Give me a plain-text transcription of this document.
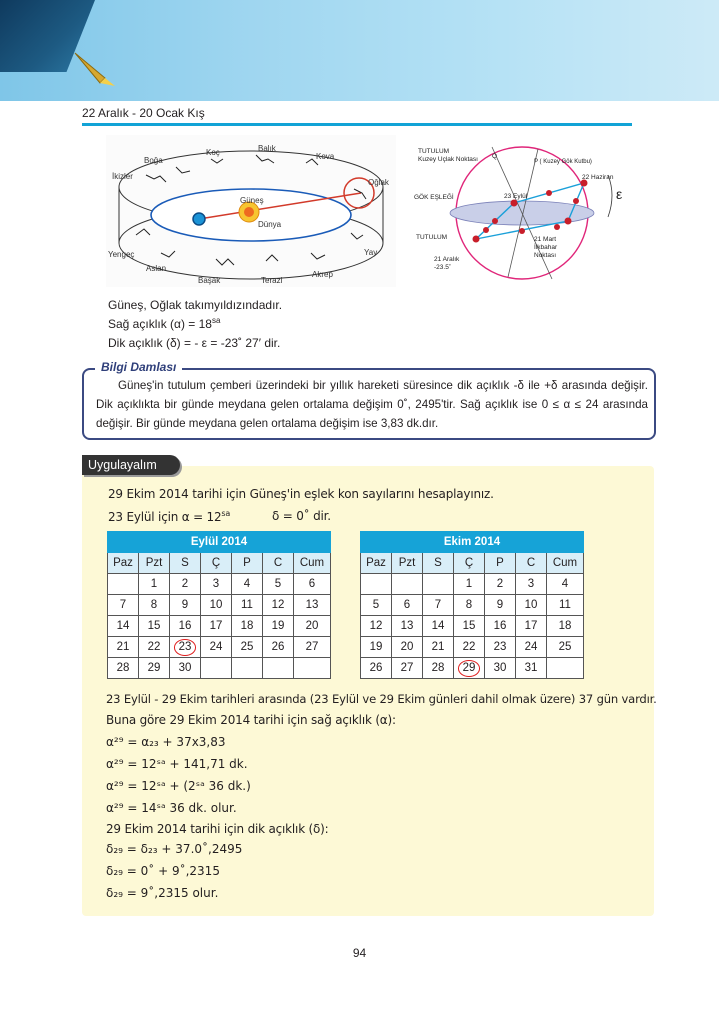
22 Aralık - 20 Ocak Kış
Koç	Balık Kova Boğa İkizler Oğlak Güneş Dünya Yengeç Aslan Başak	Terazi Akrep Yay
TUTULUM Kuzey Uçlak Noktası Q P ( Kuzey Gök Kutbu) 22 Haziran ε GÖK EŞLEĞİ	23 Eylül TUTULUM 21 Aralık -23.5˚ 21 Mart İlkbahar Noktası
Güneş, Oğlak takımyıldızındadır.
Sağ açıklık $(\alpha) = 18^{sa}$
Dik açıklık (δ) = - ε = -23˚ 27′ dir.
Bilgi Damlası
Güneş'in tutulum çemberi üzerindeki bir yıllık hareketi süresince dik açıklık -δ ile +δ arasında değişir. Dik açıklıkta bir günde meydana gelen ortalama değişim 0˚, 2495'tir. Sağ açıklık ise 0 ≤ α ≤ 24 arasında değişir. Bir günde meydana gelen ortalama değişim ise 3,83 dk.dır.
Uygulayalım
29 Ekim 2014 tarihi için Güneş'in eşlek kon sayılarını hesaplayınız.
23 Eylül için $\alpha = 12^{sa}$	δ = 0˚ dir.
Eylül 2014						
Paz	Pzt	S	Ç	P	C	Cum
	1	2	3	4	5	6
7	8	9	10	11	12	13
14	15	16	17	18	19	20
21	22	23	24	25	26	27
28	29	30				
Ekim 2014						
Paz	Pzt	S	Ç	P	C	Cum
			1	2	3	4
5	6	7	8	9	10	11
12	13	14	15	16	17	18
19	20	21	22	23	24	25
26	27	28	29	30	31	
23 Eylül - 29 Ekim tarihleri arasında (23 Eylül ve 29 Ekim günleri dahil olmak üzere) 37 gün vardır.
Buna göre 29 Ekim 2014 tarihi için sağ açıklık (α):
α²⁹ = α₂₃ + 37x3,83
α²⁹ = 12ˢᵃ + 141,71 dk.
α²⁹ = 12ˢᵃ + (2ˢᵃ 36 dk.)
α²⁹ = 14ˢᵃ 36 dk. olur.
29 Ekim 2014 tarihi için dik açıklık (δ):
δ₂₉ = δ₂₃ + 37.0˚,2495
δ₂₉ = 0˚ + 9˚,2315
δ₂₉ = 9˚,2315 olur.
94
